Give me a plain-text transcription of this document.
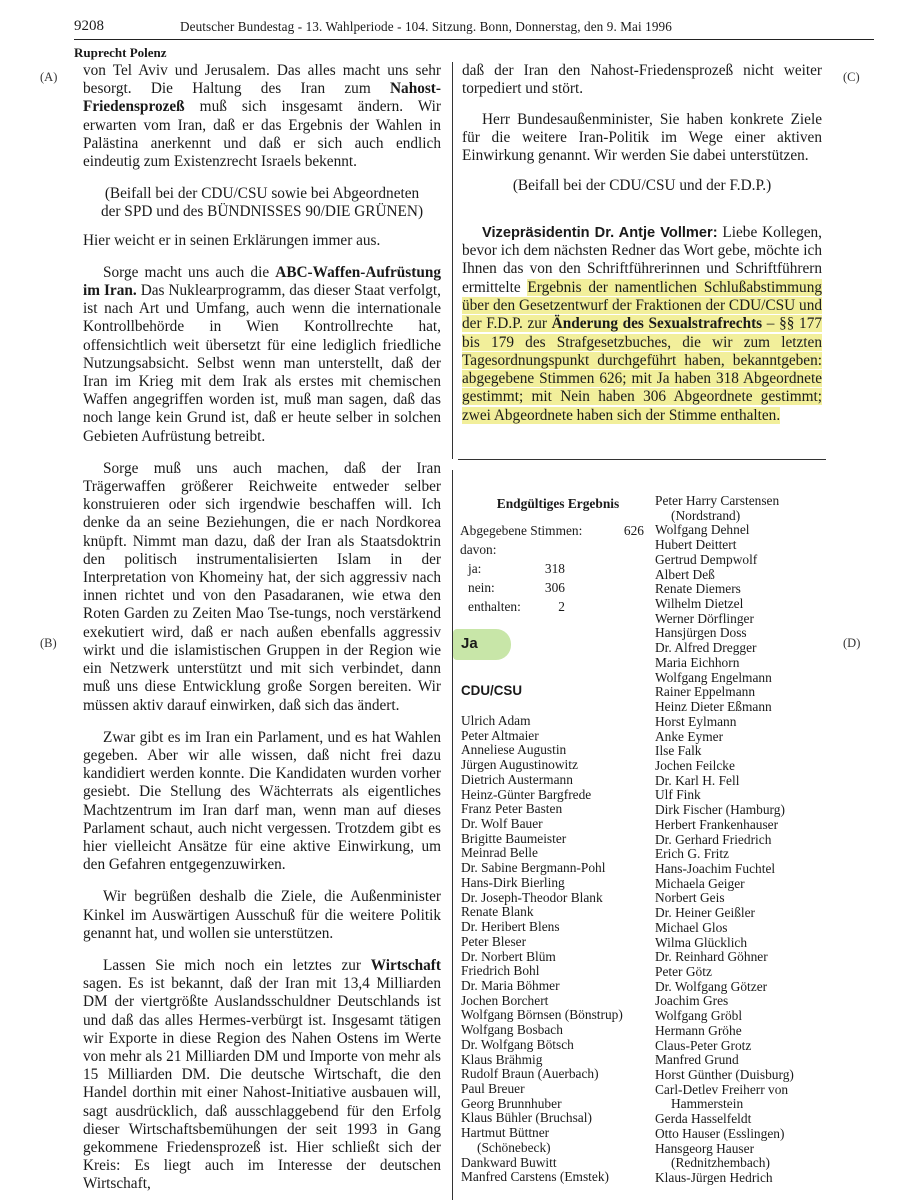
9208	Deutscher Bundestag - 13. Wahlperiode - 104. Sitzung. Bonn, Donnerstag, den 9. Mai 1996
Ruprecht Polenz
(A)
(B)
(C)
(D)

von Tel Aviv und Jerusalem. Das alles macht uns sehr besorgt. Die Haltung des Iran zum Nahost-Friedensprozeß muß sich insgesamt ändern. Wir erwarten vom Iran, daß er das Ergebnis der Wahlen in Palästina anerkennt und daß er sich auch endlich eindeutig zum Existenzrecht Israels bekennt.

(Beifall bei der CDU/CSU sowie bei Abgeordneten der SPD und des BÜNDNISSES 90/DIE GRÜNEN)

Hier weicht er in seinen Erklärungen immer aus.

Sorge macht uns auch die ABC-Waffen-Aufrüstung im Iran. Das Nuklearprogramm, das dieser Staat verfolgt, ist nach Art und Umfang, auch wenn die internationale Kontrollbehörde in Wien Kontrollrechte hat, offensichtlich weit übersetzt für eine lediglich friedliche Nutzungsabsicht. Selbst wenn man unterstellt, daß der Iran im Krieg mit dem Irak als erstes mit chemischen Waffen angegriffen worden ist, muß man sagen, daß das noch lange kein Grund ist, daß er heute selber in solchen Gebieten Aufrüstung betreibt.

Sorge muß uns auch machen, daß der Iran Trägerwaffen größerer Reichweite entweder selber konstruieren oder sich irgendwie beschaffen will. Ich denke da an seine Beziehungen, die er nach Nordkorea knüpft. Nimmt man dazu, daß der Iran als Staatsdoktrin den politisch instrumentalisierten Islam in der Interpretation von Khomeiny hat, der sich aggressiv nach innen richtet und von den Pasadaranen, wie etwa den Roten Garden zu Zeiten Mao Tse-tungs, noch verstärkend exekutiert wird, daß er nach außen ebenfalls aggressiv wirkt und die islamistischen Gruppen in der Region wie ein Netzwerk unterstützt und mit sich verbindet, dann muß uns diese Entwicklung große Sorgen bereiten. Wir müssen aktiv darauf einwirken, daß sich das ändert.

Zwar gibt es im Iran ein Parlament, und es hat Wahlen gegeben. Aber wir alle wissen, daß nicht frei dazu kandidiert werden konnte. Die Kandidaten wurden vorher gesiebt. Die Stellung des Wächterrats als eigentliches Machtzentrum im Iran darf man, wenn man auf dieses Parlament schaut, auch nicht vergessen. Trotzdem gibt es hier vielleicht Ansätze für eine aktive Einwirkung, um den Gefahren entgegenzuwirken.

Wir begrüßen deshalb die Ziele, die Außenminister Kinkel im Auswärtigen Ausschuß für die weitere Politik genannt hat, und wollen sie unterstützen.

Lassen Sie mich noch ein letztes zur Wirtschaft sagen. Es ist bekannt, daß der Iran mit 13,4 Milliarden DM der viertgrößte Auslandsschuldner Deutschlands ist und daß das alles Hermes-verbürgt ist. Insgesamt tätigen wir Exporte in diese Region des Nahen Ostens im Werte von mehr als 21 Milliarden DM und Importe von mehr als 15 Milliarden DM. Die deutsche Wirtschaft, die den Handel dorthin mit einer Nahost-Initiative ausbauen will, sagt ausdrücklich, daß ausschlaggebend für den Erfolg dieser Wirtschaftsbemühungen der seit 1993 in Gang gekommene Friedensprozeß ist. Hier schließt sich der Kreis: Es liegt auch im Interesse der deutschen Wirtschaft,

daß der Iran den Nahost-Friedensprozeß nicht weiter torpediert und stört.

Herr Bundesaußenminister, Sie haben konkrete Ziele für die weitere Iran-Politik im Wege einer aktiven Einwirkung genannt. Wir werden Sie dabei unterstützen.

(Beifall bei der CDU/CSU und der F.D.P.)

Vizepräsidentin Dr. Antje Vollmer: Liebe Kollegen, bevor ich dem nächsten Redner das Wort gebe, möchte ich Ihnen das von den Schriftführerinnen und Schriftführern ermittelte Ergebnis der namentlichen Schlußabstimmung über den Gesetzentwurf der Fraktionen der CDU/CSU und der F.D.P. zur Änderung des Sexualstrafrechts – §§ 177 bis 179 des Strafgesetzbuches, die wir zum letzten Tagesordnungspunkt durchgeführt haben, bekanntgeben: abgegebene Stimmen 626; mit Ja haben 318 Abgeordnete gestimmt; mit Nein haben 306 Abgeordnete gestimmt; zwei Abgeordnete haben sich der Stimme enthalten.

Endgültiges Ergebnis
Abgegebene Stimmen:	626
davon:
ja:	318
nein:	306
enthalten:	2
Ja
CDU/CSU
Ulrich Adam
Peter Altmaier
Anneliese Augustin
Jürgen Augustinowitz
Dietrich Austermann
Heinz-Günter Bargfrede
Franz Peter Basten
Dr. Wolf Bauer
Brigitte Baumeister
Meinrad Belle
Dr. Sabine Bergmann-Pohl
Hans-Dirk Bierling
Dr. Joseph-Theodor Blank
Renate Blank
Dr. Heribert Blens
Peter Bleser
Dr. Norbert Blüm
Friedrich Bohl
Dr. Maria Böhmer
Jochen Borchert
Wolfgang Börnsen (Bönstrup)
Wolfgang Bosbach
Dr. Wolfgang Bötsch
Klaus Brähmig
Rudolf Braun (Auerbach)
Paul Breuer
Georg Brunnhuber
Klaus Bühler (Bruchsal)
Hartmut Büttner
(Schönebeck)
Dankward Buwitt
Manfred Carstens (Emstek)
Peter Harry Carstensen
(Nordstrand)
Wolfgang Dehnel
Hubert Deittert
Gertrud Dempwolf
Albert Deß
Renate Diemers
Wilhelm Dietzel
Werner Dörflinger
Hansjürgen Doss
Dr. Alfred Dregger
Maria Eichhorn
Wolfgang Engelmann
Rainer Eppelmann
Heinz Dieter Eßmann
Horst Eylmann
Anke Eymer
Ilse Falk
Jochen Feilcke
Dr. Karl H. Fell
Ulf Fink
Dirk Fischer (Hamburg)
Herbert Frankenhauser
Dr. Gerhard Friedrich
Erich G. Fritz
Hans-Joachim Fuchtel
Michaela Geiger
Norbert Geis
Dr. Heiner Geißler
Michael Glos
Wilma Glücklich
Dr. Reinhard Göhner
Peter Götz
Dr. Wolfgang Götzer
Joachim Gres
Wolfgang Gröbl
Hermann Gröhe
Claus-Peter Grotz
Manfred Grund
Horst Günther (Duisburg)
Carl-Detlev Freiherr von
Hammerstein
Gerda Hasselfeldt
Otto Hauser (Esslingen)
Hansgeorg Hauser
(Rednitzhembach)
Klaus-Jürgen Hedrich
